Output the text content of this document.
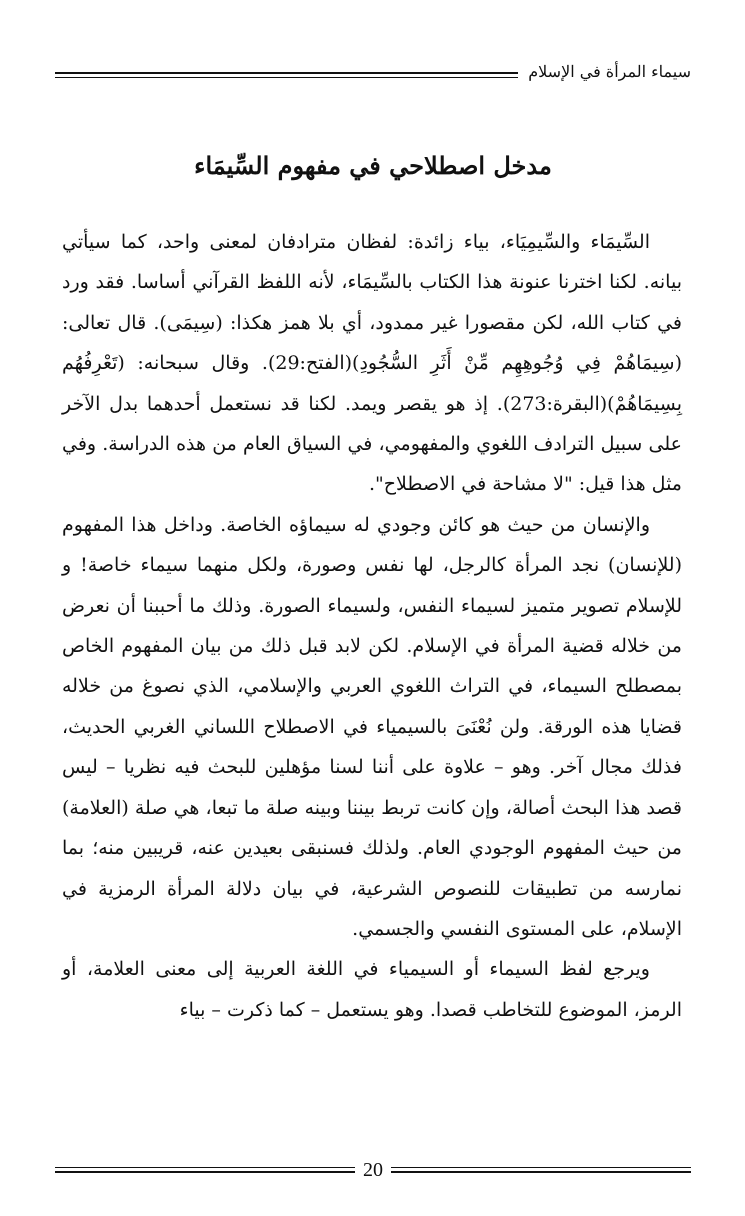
سيماء المرأة في الإسلام
مدخل اصطلاحي في مفهوم السِّيمَاء

السِّيمَاء والسِّيمِيَاء، بياء زائدة: لفظان مترادفان لمعنى واحد، كما سيأتي بيانه. لكنا اخترنا عنونة هذا الكتاب بالسِّيمَاء، لأنه اللفظ القرآني أساسا. فقد ورد في كتاب الله، لكن مقصورا غير ممدود، أي بلا همز هكذا: (سِيمَى). قال تعالى: (سِيمَاهُمْ فِي وُجُوهِهِم مِّنْ أَثَرِ السُّجُودِ)(الفتح:29). وقال سبحانه: (تَعْرِفُهُم بِسِيمَاهُمْ)(البقرة:273). إذ هو يقصر ويمد. لكنا قد نستعمل أحدهما بدل الآخر على سبيل الترادف اللغوي والمفهومي، في السياق العام من هذه الدراسة. وفي مثل هذا قيل: "لا مشاحة في الاصطلاح".

والإنسان من حيث هو كائن وجودي له سيماؤه الخاصة. وداخل هذا المفهوم (للإنسان) نجد المرأة كالرجل، لها نفس وصورة، ولكل منهما سيماء خاصة! و للإسلام تصوير متميز لسيماء النفس، ولسيماء الصورة. وذلك ما أحببنا أن نعرض من خلاله قضية المرأة في الإسلام. لكن لابد قبل ذلك من بيان المفهوم الخاص بمصطلح السيماء، في التراث اللغوي العربي والإسلامي، الذي نصوغ من خلاله قضايا هذه الورقة. ولن نُعْنَىَ بالسيمياء في الاصطلاح اللساني الغربي الحديث، فذلك مجال آخر. وهو – علاوة على أننا لسنا مؤهلين للبحث فيه نظريا – ليس قصد هذا البحث أصالة، وإن كانت تربط بيننا وبينه صلة ما تبعا، هي صلة (العلامة) من حيث المفهوم الوجودي العام. ولذلك فسنبقى بعيدين عنه، قريبين منه؛ بما نمارسه من تطبيقات للنصوص الشرعية، في بيان دلالة المرأة الرمزية في الإسلام، على المستوى النفسي والجسمي.

ويرجع لفظ السيماء أو السيمياء في اللغة العربية إلى معنى العلامة، أو الرمز، الموضوع للتخاطب قصدا. وهو يستعمل – كما ذكرت – بياء

20
